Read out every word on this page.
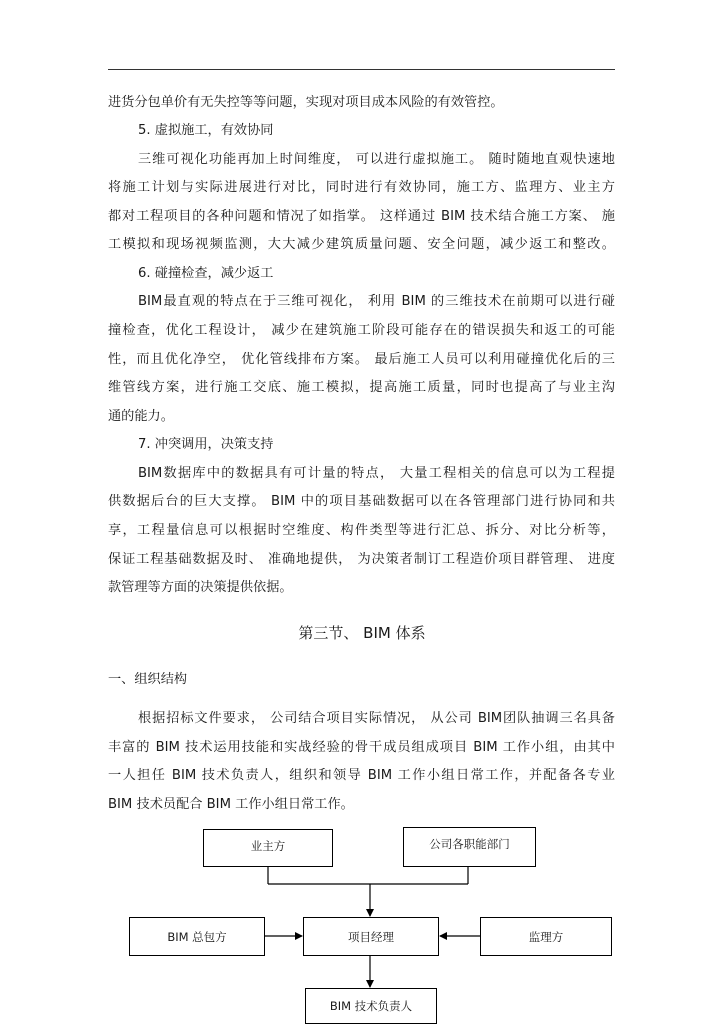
进货分包单价有无失控等等问题，实现对项目成本风险的有效管控。
5. 虚拟施工，有效协同
三维可视化功能再加上时间维度， 可以进行虚拟施工。 随时随地直观快速地
将施工计划与实际进展进行对比，同时进行有效协同，施工方、监理方、业主方
都对工程项目的各种问题和情况了如指掌。 这样通过 BIM 技术结合施工方案、 施
工模拟和现场视频监测，大大减少建筑质量问题、安全问题，减少返工和整改。
6. 碰撞检查，减少返工
BIM最直观的特点在于三维可视化， 利用 BIM 的三维技术在前期可以进行碰
撞检查，优化工程设计， 减少在建筑施工阶段可能存在的错误损失和返工的可能
性，而且优化净空， 优化管线排布方案。 最后施工人员可以利用碰撞优化后的三
维管线方案，进行施工交底、施工模拟，提高施工质量，同时也提高了与业主沟
通的能力。
7. 冲突调用，决策支持
BIM数据库中的数据具有可计量的特点， 大量工程相关的信息可以为工程提
供数据后台的巨大支撑。 BIM 中的项目基础数据可以在各管理部门进行协同和共
享，工程量信息可以根据时空维度、构件类型等进行汇总、拆分、对比分析等，
保证工程基础数据及时、 准确地提供， 为决策者制订工程造价项目群管理、 进度
款管理等方面的决策提供依据。
第三节、 BIM 体系
一、组织结构
根据招标文件要求， 公司结合项目实际情况， 从公司 BIM团队抽调三名具备
丰富的 BIM 技术运用技能和实战经验的骨干成员组成项目 BIM 工作小组，由其中
一人担任 BIM 技术负责人，组织和领导 BIM 工作小组日常工作，并配备各专业
BIM 技术员配合 BIM 工作小组日常工作。
业主方	公司各职能部门
BIM 总包方	项目经理	监理方
BIM 技术负责人
